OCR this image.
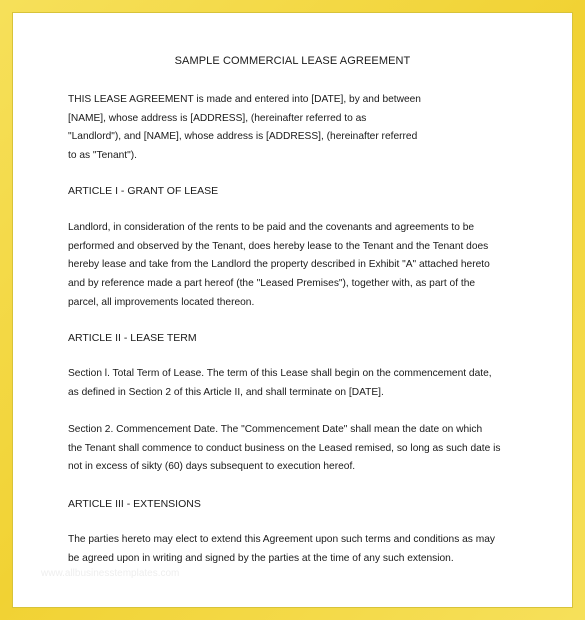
SAMPLE COMMERCIAL LEASE AGREEMENT
THIS LEASE AGREEMENT is made and entered into [DATE], by and between
[NAME], whose address is [ADDRESS], (hereinafter referred to as
"Landlord"), and [NAME], whose address is [ADDRESS], (hereinafter referred
to as "Tenant").
ARTICLE I - GRANT OF LEASE
Landlord, in consideration of the rents to be paid and the covenants and agreements to be
performed and observed by the Tenant, does hereby lease to the Tenant and the Tenant does
hereby lease and take from the Landlord the property described in Exhibit "A" attached hereto
and by reference made a part hereof (the "Leased Premises"), together with, as part of the
parcel, all improvements located thereon.
ARTICLE II - LEASE TERM
Section l. Total Term of Lease. The term of this Lease shall begin on the commencement date,
as defined in Section 2 of this Article II, and shall terminate on [DATE].
Section 2. Commencement Date. The "Commencement Date" shall mean the date on which
the Tenant shall commence to conduct business on the Leased remised, so long as such date is
not in excess of sikty (60) days subsequent to execution hereof.
ARTICLE III - EXTENSIONS
The parties hereto may elect to extend this Agreement upon such terms and conditions as may
be agreed upon in writing and signed by the parties at the time of any such extension.
www.allbusinesstemplates.com
